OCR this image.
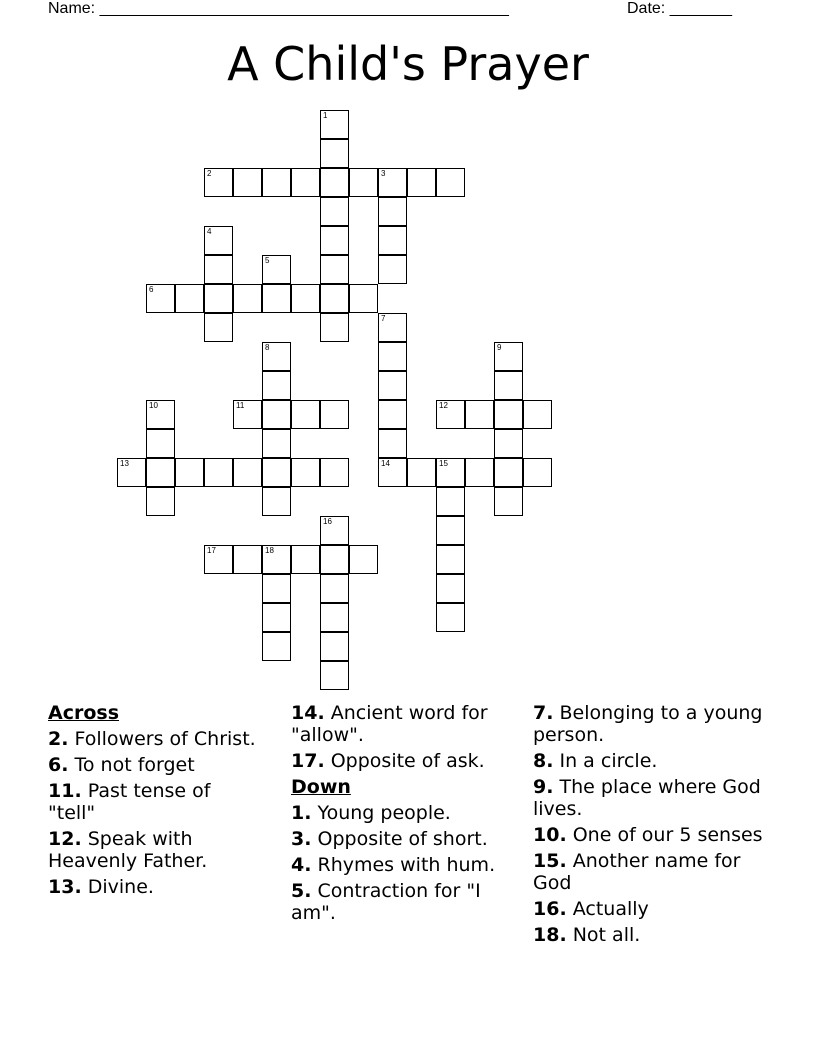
Name: ______________________________________________	Date: _______
A Child's Prayer
1
2	3
4
5
6
7
14
8	9
10	11	12
13	15
16
17	18
Across
2. Followers of Christ.
6. To not forget
11. Past tense of "tell"
12. Speak with Heavenly Father.
13. Divine.
14. Ancient word for "allow".
17. Opposite of ask.
Down
1. Young people.
3. Opposite of short.
4. Rhymes with hum.
5. Contraction for "I am".
7. Belonging to a young person.
8. In a circle.
9. The place where God lives.
10. One of our 5 senses
15. Another name for God
16. Actually
18. Not all.
